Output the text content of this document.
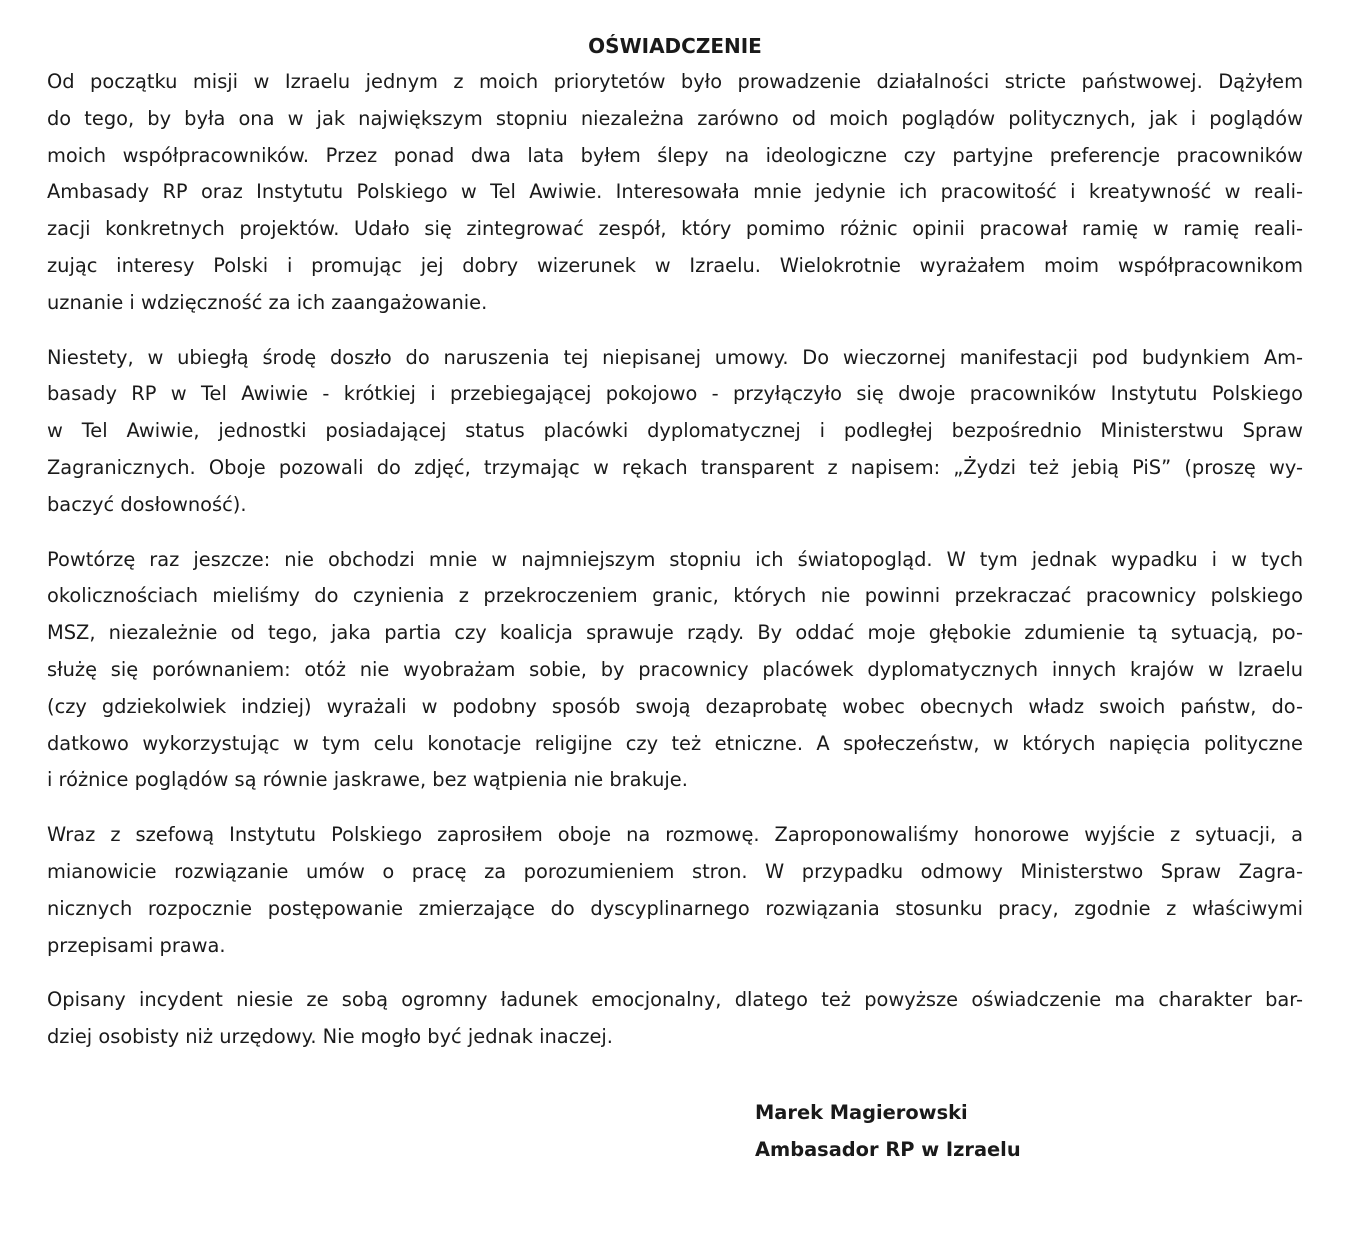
OŚWIADCZENIE
Od początku misji w Izraelu jednym z moich priorytetów było prowadzenie działalności stricte państwowej. Dążyłem
do tego, by była ona w jak największym stopniu niezależna zarówno od moich poglądów politycznych, jak i poglądów
moich współpracowników. Przez ponad dwa lata byłem ślepy na ideologiczne czy partyjne preferencje pracowników
Ambasady RP oraz Instytutu Polskiego w Tel Awiwie. Interesowała mnie jedynie ich pracowitość i kreatywność w reali-
zacji konkretnych projektów. Udało się zintegrować zespół, który pomimo różnic opinii pracował ramię w ramię reali-
zując interesy Polski i promując jej dobry wizerunek w Izraelu. Wielokrotnie wyrażałem moim współpracownikom
uznanie i wdzięczność za ich zaangażowanie.
Niestety, w ubiegłą środę doszło do naruszenia tej niepisanej umowy. Do wieczornej manifestacji pod budynkiem Am-
basady RP w Tel Awiwie - krótkiej i przebiegającej pokojowo - przyłączyło się dwoje pracowników Instytutu Polskiego
w Tel Awiwie, jednostki posiadającej status placówki dyplomatycznej i podległej bezpośrednio Ministerstwu Spraw
Zagranicznych. Oboje pozowali do zdjęć, trzymając w rękach transparent z napisem: „Żydzi też jebią PiS” (proszę wy-
baczyć dosłowność).
Powtórzę raz jeszcze: nie obchodzi mnie w najmniejszym stopniu ich światopogląd. W tym jednak wypadku i w tych
okolicznościach mieliśmy do czynienia z przekroczeniem granic, których nie powinni przekraczać pracownicy polskiego
MSZ, niezależnie od tego, jaka partia czy koalicja sprawuje rządy. By oddać moje głębokie zdumienie tą sytuacją, po-
służę się porównaniem: otóż nie wyobrażam sobie, by pracownicy placówek dyplomatycznych innych krajów w Izraelu
(czy gdziekolwiek indziej) wyrażali w podobny sposób swoją dezaprobatę wobec obecnych władz swoich państw, do-
datkowo wykorzystując w tym celu konotacje religijne czy też etniczne. A społeczeństw, w których napięcia polityczne
i różnice poglądów są równie jaskrawe, bez wątpienia nie brakuje.
Wraz z szefową Instytutu Polskiego zaprosiłem oboje na rozmowę. Zaproponowaliśmy honorowe wyjście z sytuacji, a
mianowicie rozwiązanie umów o pracę za porozumieniem stron. W przypadku odmowy Ministerstwo Spraw Zagra-
nicznych rozpocznie postępowanie zmierzające do dyscyplinarnego rozwiązania stosunku pracy, zgodnie z właściwymi
przepisami prawa.
Opisany incydent niesie ze sobą ogromny ładunek emocjonalny, dlatego też powyższe oświadczenie ma charakter bar-
dziej osobisty niż urzędowy. Nie mogło być jednak inaczej.
Marek Magierowski
Ambasador RP w Izraelu
